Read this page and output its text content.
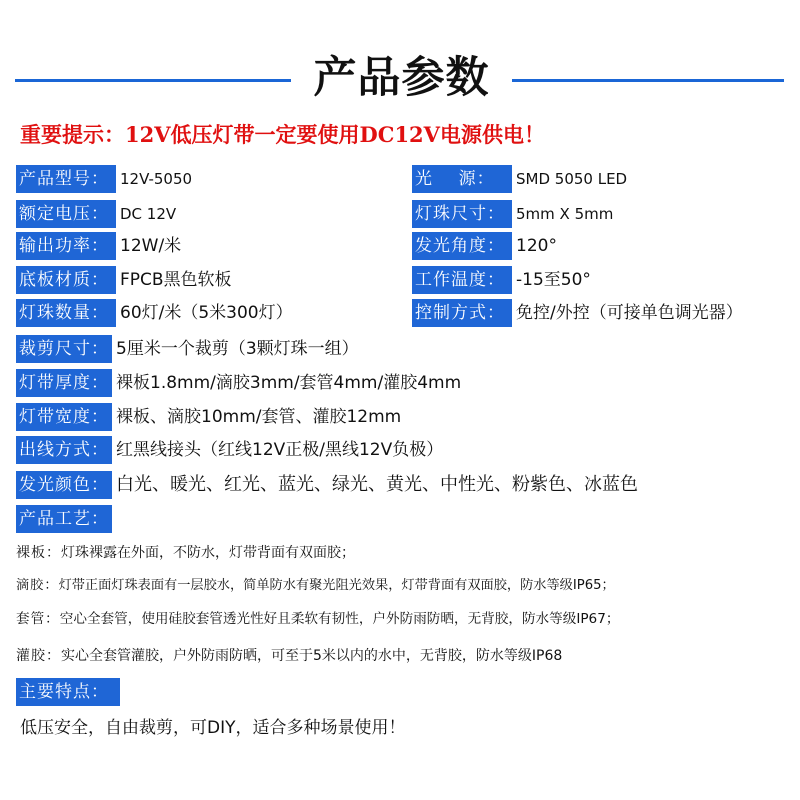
产品参数
重要提示：12V低压灯带一定要使用DC12V电源供电！
产品型号： 12V-5050
额定电压： DC 12V
输出功率： 12W/米
底板材质： FPCB黑色软板
灯珠数量： 60灯/米（5米300灯）
光    源：	SMD 5050 LED
灯珠尺寸： 5mm X 5mm
发光角度： 120°
工作温度： -15至50°
控制方式： 免控/外控（可接单色调光器）
裁剪尺寸： 5厘米一个裁剪（3颗灯珠一组）
灯带厚度： 裸板1.8mm/滴胶3mm/套管4mm/灌胶4mm
灯带宽度： 裸板、滴胶10mm/套管、灌胶12mm
出线方式： 红黑线接头（红线12V正极/黑线12V负极）
发光颜色： 白光、暖光、红光、蓝光、绿光、黄光、中性光、粉紫色、冰蓝色
产品工艺：
裸板：灯珠裸露在外面，不防水，灯带背面有双面胶；
滴胶：灯带正面灯珠表面有一层胶水，简单防水有聚光阻光效果，灯带背面有双面胶，防水等级IP65；
套管：空心全套管，使用硅胶套管透光性好且柔软有韧性，户外防雨防晒，无背胶，防水等级IP67；
灌胶：实心全套管灌胶，户外防雨防晒，可至于5米以内的水中，无背胶，防水等级IP68
主要特点：
低压安全，自由裁剪，可DIY，适合多种场景使用！
